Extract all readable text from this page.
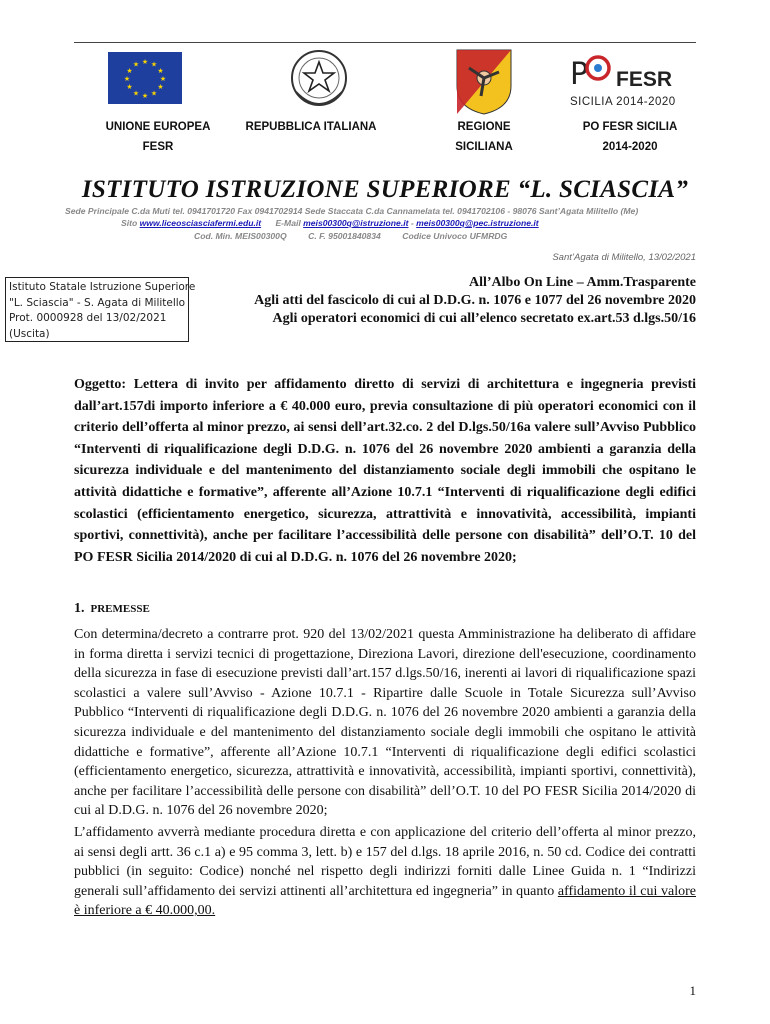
★ ★
★
★
★
★
★
★
★
★
★
★	P FESR
SICILIA 2014-2020
UNIONE EUROPEA
FESR
REPUBBLICA ITALIANA	REGIONE
SICILIANA
PO FESR SICILIA
2014-2020
ISTITUTO ISTRUZIONE SUPERIORE “L. SCIASCIA”
Sede Principale C.da Muti tel. 0941701720 Fax 0941702914 Sede Staccata C.da Cannamelata tel. 0941702106 - 98076 Sant’Agata Militello (Me)
Sito www.liceosciasciafermi.edu.it E-Mail meis00300q@istruzione.it - meis00300q@pec.istruzione.it
Cod. Min. MEIS00300Q         C. F. 95001840834         Codice Univoco UFMRDG
Sant’Agata di Militello, 13/02/2021
Istituto Statale Istruzione Superiore
"L. Sciascia" - S. Agata di Militello
Prot. 0000928 del 13/02/2021
(Uscita)
All’Albo On Line – Amm.Trasparente
Agli atti del fascicolo di cui al D.D.G. n. 1076 e 1077 del 26 novembre 2020
Agli operatori economici di cui all’elenco secretato ex.art.53 d.lgs.50/16
Oggetto: Lettera di invito per affidamento diretto di servizi di architettura e ingegneria previsti dall’art.157di importo inferiore a € 40.000 euro, previa consultazione di più operatori economici con il criterio dell’offerta al minor prezzo, ai sensi dell’art.32.co. 2 del D.lgs.50/16a valere sull’Avviso Pubblico “Interventi di riqualificazione degli D.D.G. n. 1076 del 26 novembre 2020 ambienti a garanzia della sicurezza individuale e del mantenimento del distanziamento sociale degli immobili che ospitano le attività didattiche e formative”, afferente all’Azione 10.7.1 “Interventi di riqualificazione degli edifici scolastici (efficientamento energetico, sicurezza, attrattività e innovatività, accessibilità, impianti sportivi, connettività), anche per facilitare l’accessibilità delle persone con disabilità” dell’O.T. 10 del PO FESR Sicilia 2014/2020 di cui al D.D.G. n. 1076 del 26 novembre 2020;
1. PREMESSE

Con determina/decreto a contrarre prot. 920 del 13/02/2021 questa Amministrazione ha deliberato di affidare in forma diretta i servizi tecnici di progettazione, Direziona Lavori, direzione dell'esecuzione, coordinamento della sicurezza in fase di esecuzione previsti dall’art.157 d.lgs.50/16, inerenti ai lavori di riqualificazione spazi scolastici a valere sull’Avviso - Azione 10.7.1 - Ripartire dalle Scuole in Totale Sicurezza sull’Avviso Pubblico “Interventi di riqualificazione degli D.D.G. n. 1076 del 26 novembre 2020 ambienti a garanzia della sicurezza individuale e del mantenimento del distanziamento sociale degli immobili che ospitano le attività didattiche e formative”, afferente all’Azione 10.7.1 “Interventi di riqualificazione degli edifici scolastici (efficientamento energetico, sicurezza, attrattività e innovatività, accessibilità, impianti sportivi, connettività), anche per facilitare l’accessibilità delle persone con disabilità” dell’O.T. 10 del PO FESR Sicilia 2014/2020 di cui al D.D.G. n. 1076 del 26 novembre 2020;

L’affidamento avverrà mediante procedura diretta e con applicazione del criterio dell’offerta al minor prezzo, ai sensi degli artt. 36 c.1 a) e 95 comma 3, lett. b) e 157 del d.lgs. 18 aprile 2016, n. 50 cd. Codice dei contratti pubblici (in seguito: Codice) nonché nel rispetto degli indirizzi forniti dalle Linee Guida n. 1 “Indirizzi generali sull’affidamento dei servizi attinenti all’architettura ed ingegneria” in quanto affidamento il cui valore è inferiore a € 40.000,00.

1
